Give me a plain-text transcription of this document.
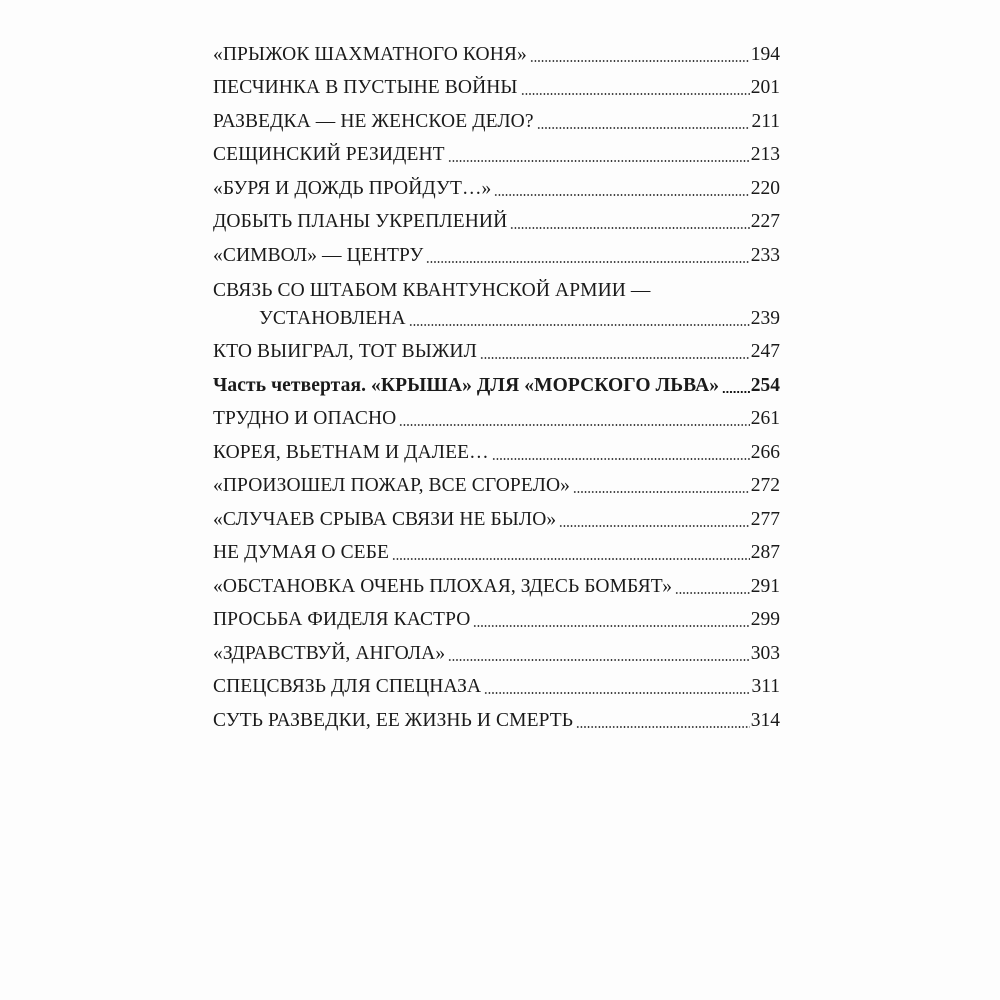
«ПРЫЖОК ШАХМАТНОГО КОНЯ»	194
ПЕСЧИНКА В ПУСТЫНЕ ВОЙНЫ	201
РАЗВЕДКА — НЕ ЖЕНСКОЕ ДЕЛО?	211
СЕЩИНСКИЙ РЕЗИДЕНТ	213
«БУРЯ И ДОЖДЬ ПРОЙДУТ…»	220
ДОБЫТЬ ПЛАНЫ УКРЕПЛЕНИЙ	227
«СИМВОЛ» — ЦЕНТРУ	233
СВЯЗЬ СО ШТАБОМ КВАНТУНСКОЙ АРМИИ —
УСТАНОВЛЕНА	239
КТО ВЫИГРАЛ, ТОТ ВЫЖИЛ	247
Часть четвертая. «КРЫША» ДЛЯ «МОРСКОГО ЛЬВА» 254
ТРУДНО И ОПАСНО	261
КОРЕЯ, ВЬЕТНАМ И ДАЛЕЕ…	266
«ПРОИЗОШЕЛ ПОЖАР, ВСЕ СГОРЕЛО»	272
«СЛУЧАЕВ СРЫВА СВЯЗИ НЕ БЫЛО»	277
НЕ ДУМАЯ О СЕБЕ	287
«ОБСТАНОВКА ОЧЕНЬ ПЛОХАЯ, ЗДЕСЬ БОМБЯТ»	291
ПРОСЬБА ФИДЕЛЯ КАСТРО	299
«ЗДРАВСТВУЙ, АНГОЛА»	303
СПЕЦСВЯЗЬ ДЛЯ СПЕЦНАЗА	311
СУТЬ РАЗВЕДКИ, ЕЕ ЖИЗНЬ И СМЕРТЬ	314
